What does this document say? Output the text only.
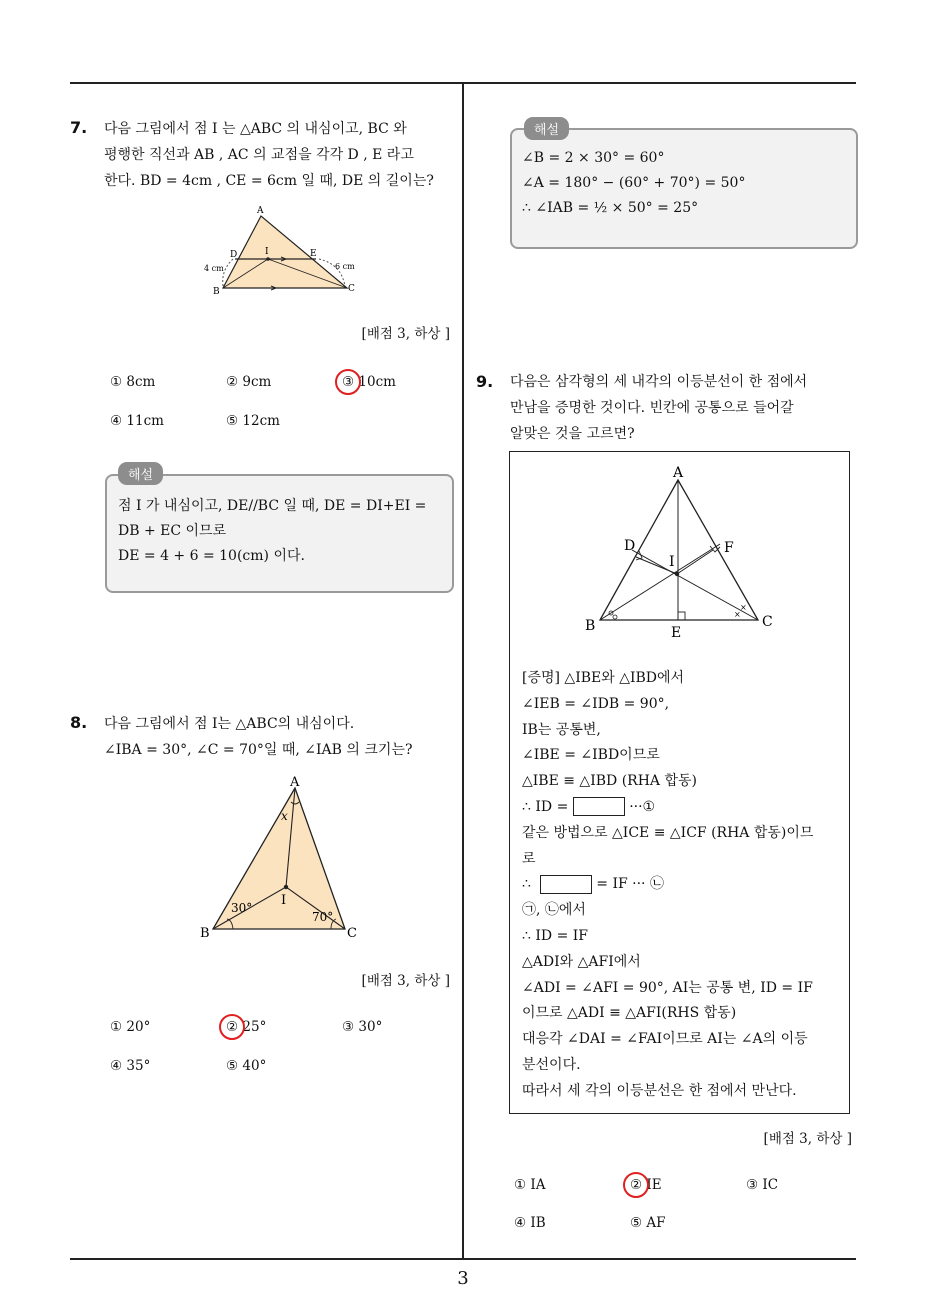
3
7. 다음 그림에서 점 I 는 △ABC 의 내심이고, BC 와
평행한 직선과 AB , AC 의 교점을 각각 D , E 라고
한다. BD = 4cm , CE = 6cm 일 때, DE 의 길이는?
A
D	I	E
4 cm	6 cm
B	C
[배점 3, 하상 ]
① 8cm	② 9cm	③ 10cm
④ 11cm	⑤ 12cm
해설
점 I 가 내심이고, DE//BC 일 때, DE = DI+EI =
DB + EC 이므로
DE = 4 + 6 = 10(cm) 이다.
8. 다음 그림에서 점 I는 △ABC의 내심이다.
∠IBA = 30°, ∠C = 70°일 때, ∠IAB 의 크기는?
A
x
I
30°
70°
B	C
[배점 3, 하상 ]
① 20°	② 25°	③ 30°
④ 35°	⑤ 40°
해설
∠B = 2 × 30° = 60°
∠A = 180° − (60° + 70°) = 50°
∴ ∠IAB = ½ × 50° = 25°
9. 다음은 삼각형의 세 내각의 이등분선이 한 점에서
만남을 증명한 것이다. 빈칸에 공통으로 들어갈
알맞은 것을 고르면?
×
×
A
D	F
I
B	C
E
[증명] △IBE와 △IBD에서
∠IEB = ∠IDB = 90°,
IB는 공통변,
∠IBE = ∠IBD이므로
△IBE ≡ △IBD (RHA 합동)
∴ ID =	···①
같은 방법으로 △ICE ≡ △ICF (RHA 합동)이므
로
∴	= IF ··· ㉡
㉠, ㉡에서
∴ ID = IF
△ADI와 △AFI에서
∠ADI = ∠AFI = 90°, AI는 공통 변, ID = IF
이므로 △ADI ≡ △AFI(RHS 합동)
대응각 ∠DAI = ∠FAI이므로 AI는 ∠A의 이등
분선이다.
따라서 세 각의 이등분선은 한 점에서 만난다.
[배점 3, 하상 ]
① IA	② IE	③ IC
④ IB	⑤ AF
